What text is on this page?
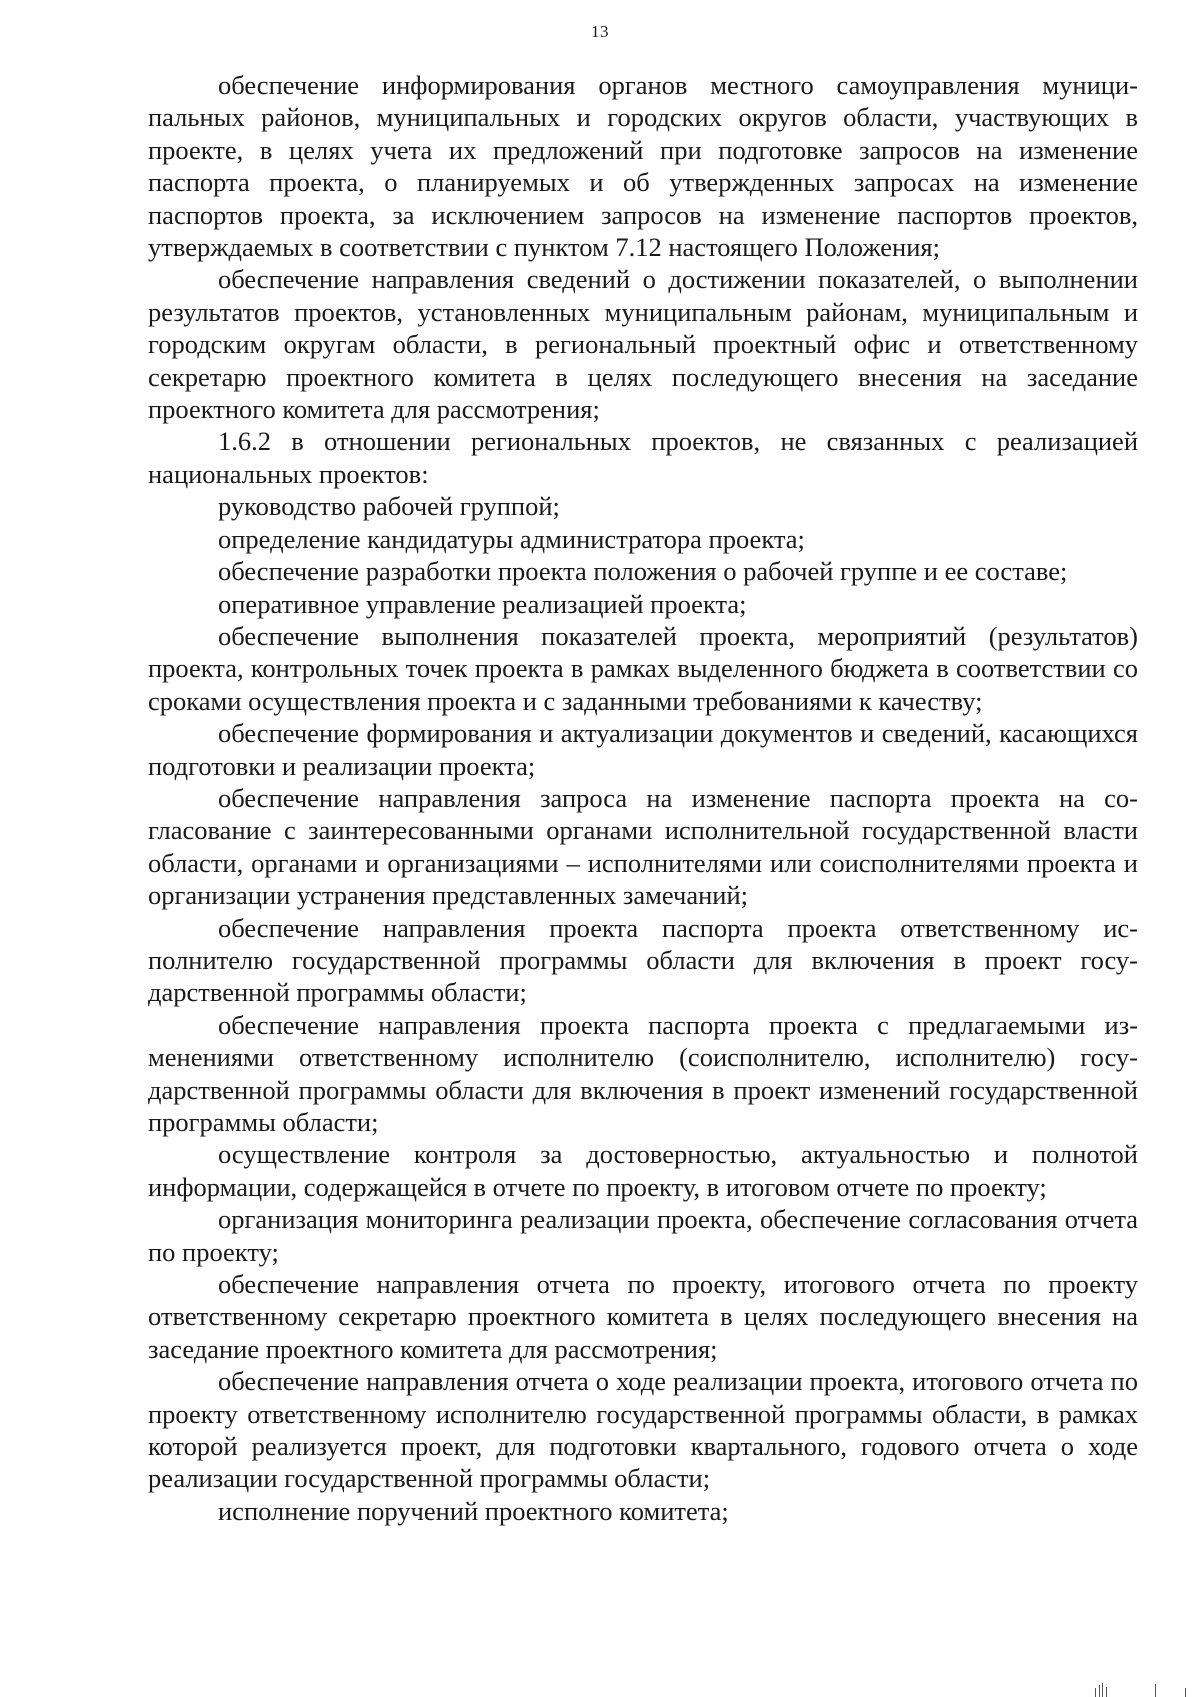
13

обеспечение информирования органов местного самоуправления муниципальных районов, муниципальных и городских округов области, участвующих в проекте, в целях учета их предложений при подготовке запросов на изменение паспорта проекта, о планируемых и об утвержденных запросах на изменение паспортов проекта, за исключением запросов на изменение паспортов проектов, утверждаемых в соответствии с пунктом 7.12 настоящего Положения;

обеспечение направления сведений о достижении показателей, о выполнении результатов проектов, установленных муниципальным районам, муниципальным и городским округам области, в региональный проектный офис и ответственному секретарю проектного комитета в целях последующего внесения на заседание проектного комитета для рассмотрения;

1.6.2 в отношении региональных проектов, не связанных с реализацией национальных проектов:

руководство рабочей группой;

определение кандидатуры администратора проекта;

обеспечение разработки проекта положения о рабочей группе и ее составе;

оперативное управление реализацией проекта;

обеспечение выполнения показателей проекта, мероприятий (результатов) проекта, контрольных точек проекта в рамках выделенного бюджета в соответствии со сроками осуществления проекта и с заданными требованиями к качеству;

обеспечение формирования и актуализации документов и сведений, касающихся подготовки и реализации проекта;

обеспечение направления запроса на изменение паспорта проекта на согласование с заинтересованными органами исполнительной государственной власти области, органами и организациями – исполнителями или соисполнителями проекта и организации устранения представленных замечаний;

обеспечение направления проекта паспорта проекта ответственному исполнителю государственной программы области для включения в проект государственной программы области;

обеспечение направления проекта паспорта проекта с предлагаемыми изменениями ответственному исполнителю (соисполнителю, исполнителю) государственной программы области для включения в проект изменений государственной программы области;

осуществление контроля за достоверностью, актуальностью и полнотой информации, содержащейся в отчете по проекту, в итоговом отчете по проекту;

организация мониторинга реализации проекта, обеспечение согласования отчета по проекту;

обеспечение направления отчета по проекту, итогового отчета по проекту ответственному секретарю проектного комитета в целях последующего внесения на заседание проектного комитета для рассмотрения;

обеспечение направления отчета о ходе реализации проекта, итогового отчета по проекту ответственному исполнителю государственной программы области, в рамках которой реализуется проект, для подготовки квартального, годового отчета о ходе реализации государственной программы области;

исполнение поручений проектного комитета;
